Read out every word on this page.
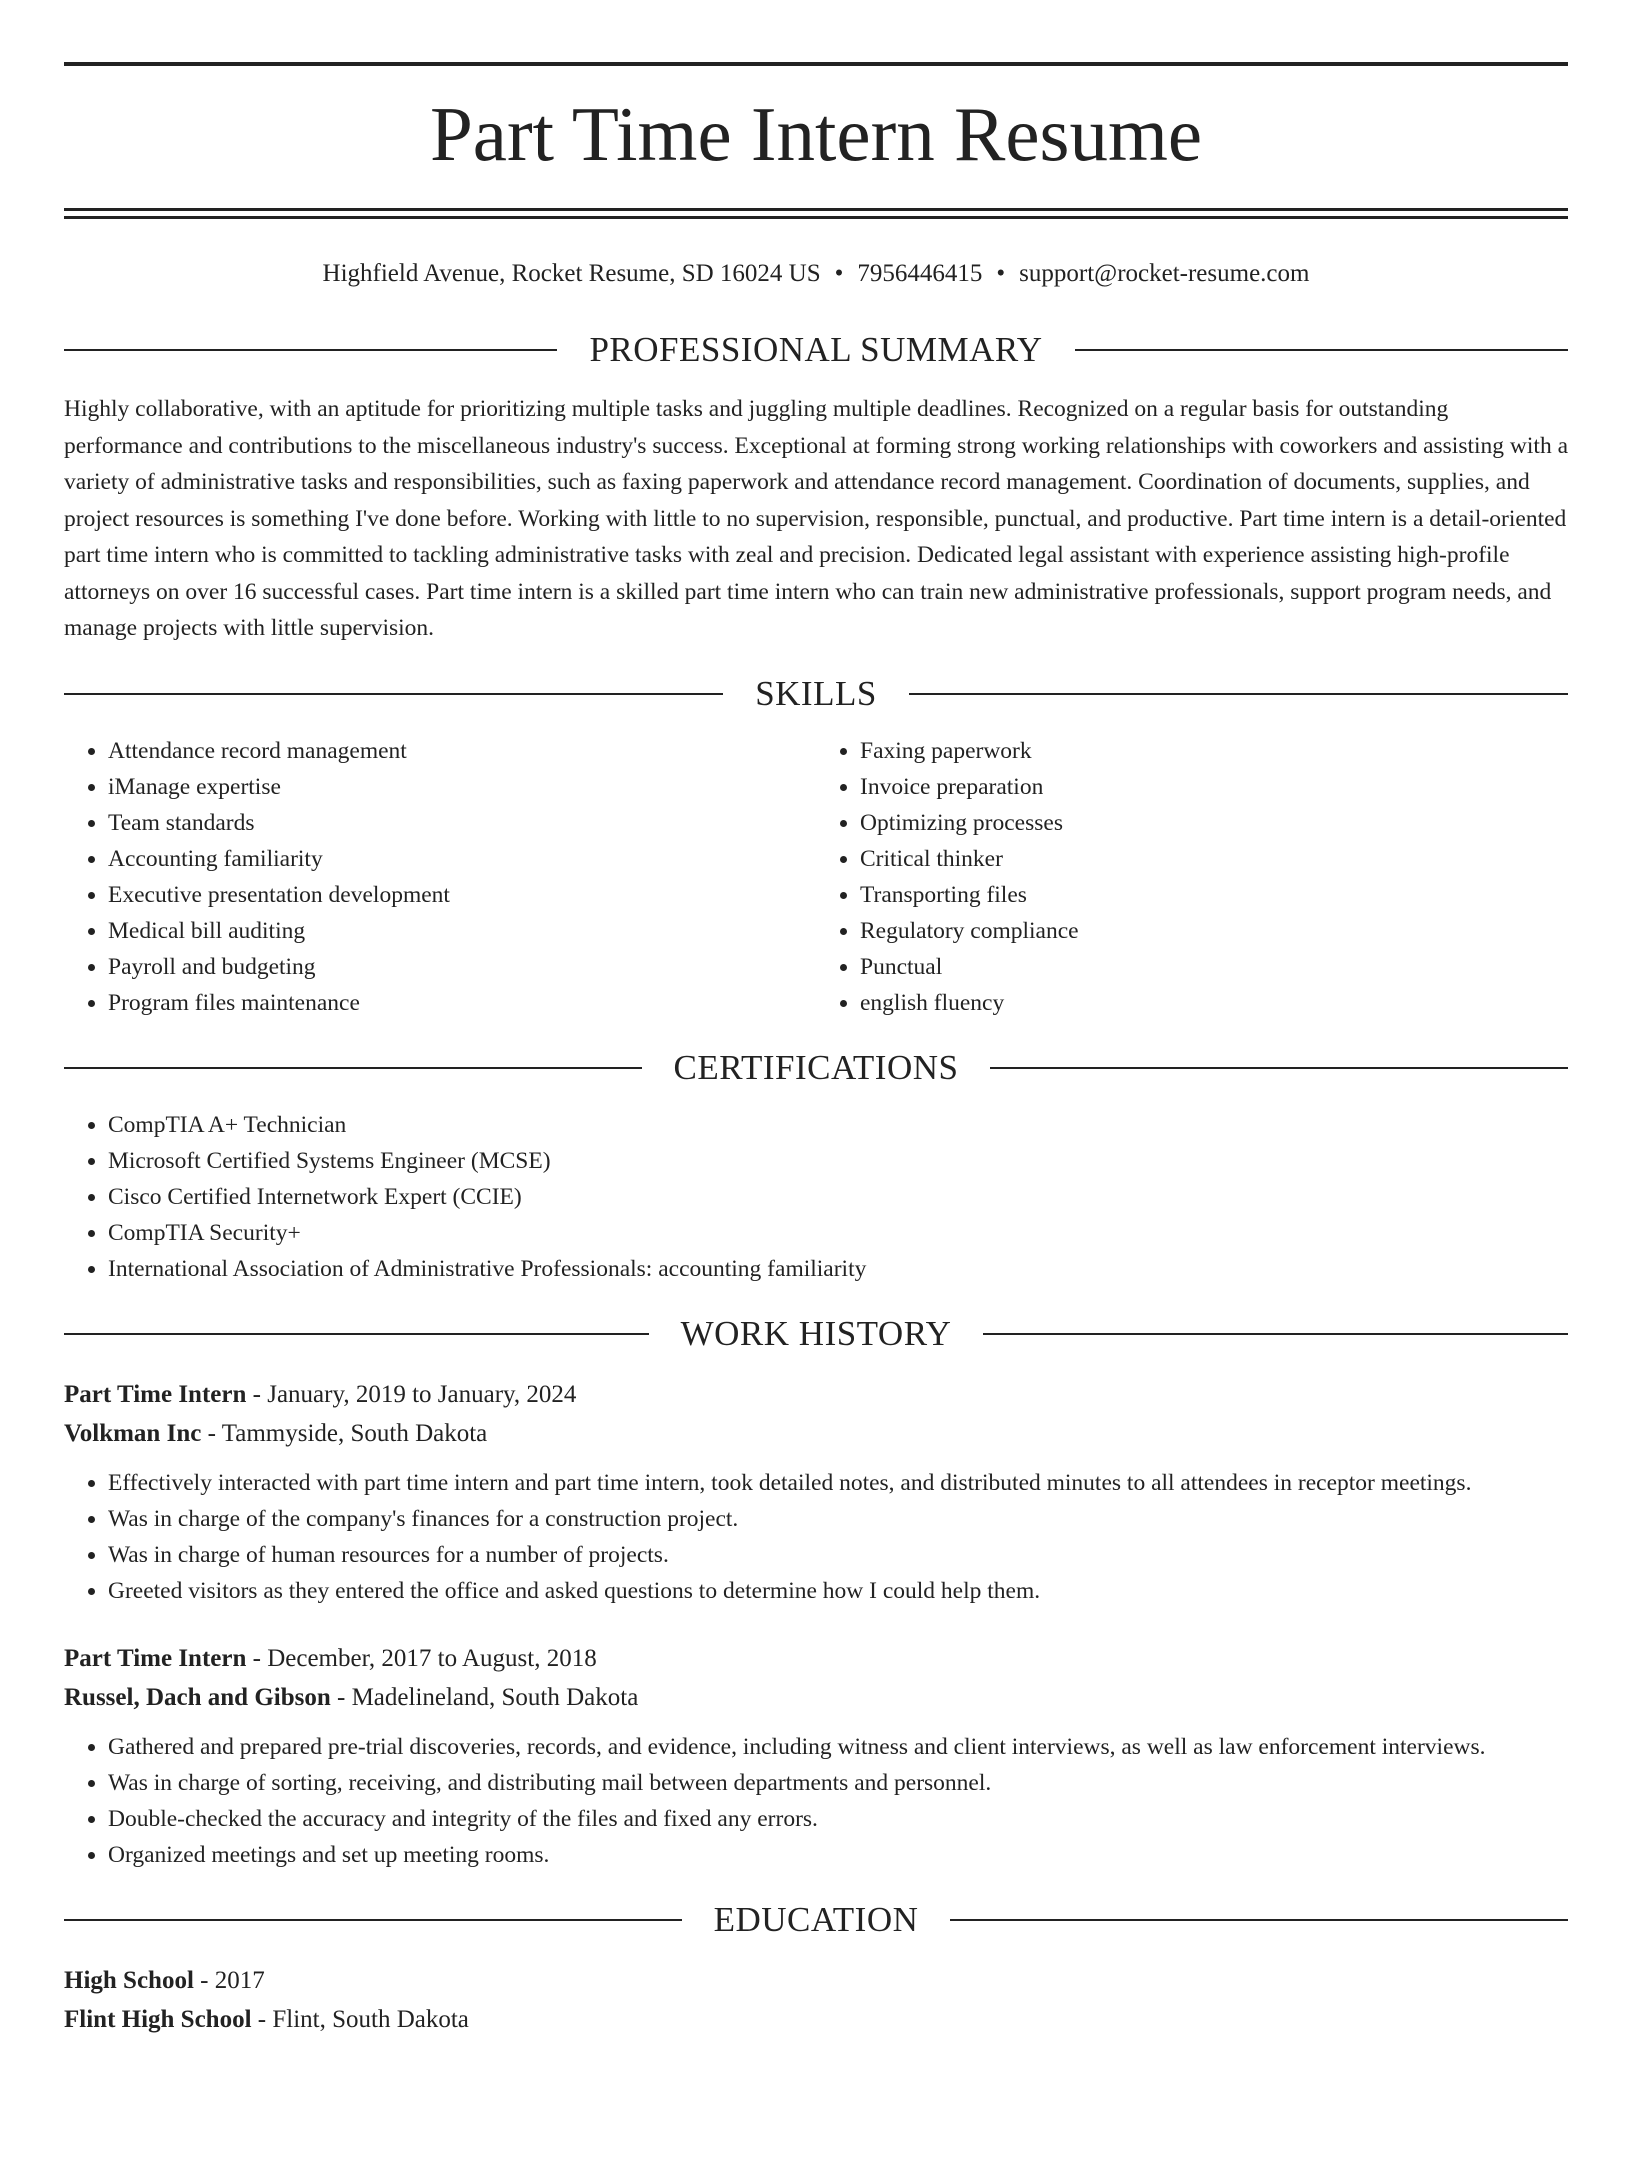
Part Time Intern Resume
Highfield Avenue, Rocket Resume, SD 16024 US • 7956446415 • support@rocket-resume.com
PROFESSIONAL SUMMARY

Highly collaborative, with an aptitude for prioritizing multiple tasks and juggling multiple deadlines. Recognized on a regular basis for outstanding performance and contributions to the miscellaneous industry's success. Exceptional at forming strong working relationships with coworkers and assisting with a variety of administrative tasks and responsibilities, such as faxing paperwork and attendance record management. Coordination of documents, supplies, and project resources is something I've done before. Working with little to no supervision, responsible, punctual, and productive. Part time intern is a detail-oriented part time intern who is committed to tackling administrative tasks with zeal and precision. Dedicated legal assistant with experience assisting high-profile attorneys on over 16 successful cases. Part time intern is a skilled part time intern who can train new administrative professionals, support program needs, and manage projects with little supervision.

SKILLS
• Attendance record management
• iManage expertise
• Team standards
• Accounting familiarity
• Executive presentation development
• Medical bill auditing
• Payroll and budgeting
• Program files maintenance
• Faxing paperwork
• Invoice preparation
• Optimizing processes
• Critical thinker
• Transporting files
• Regulatory compliance
• Punctual
• english fluency
CERTIFICATIONS
• CompTIA A+ Technician
• Microsoft Certified Systems Engineer (MCSE)
• Cisco Certified Internetwork Expert (CCIE)
• CompTIA Security+
• International Association of Administrative Professionals: accounting familiarity
WORK HISTORY
Part Time Intern - January, 2019 to January, 2024
Volkman Inc - Tammyside, South Dakota
• Effectively interacted with part time intern and part time intern, took detailed notes, and distributed minutes to all attendees in receptor meetings.
• Was in charge of the company's finances for a construction project.
• Was in charge of human resources for a number of projects.
• Greeted visitors as they entered the office and asked questions to determine how I could help them.
Part Time Intern - December, 2017 to August, 2018
Russel, Dach and Gibson - Madelineland, South Dakota
• Gathered and prepared pre-trial discoveries, records, and evidence, including witness and client interviews, as well as law enforcement interviews.
• Was in charge of sorting, receiving, and distributing mail between departments and personnel.
• Double-checked the accuracy and integrity of the files and fixed any errors.
• Organized meetings and set up meeting rooms.
EDUCATION
High School - 2017
Flint High School - Flint, South Dakota
